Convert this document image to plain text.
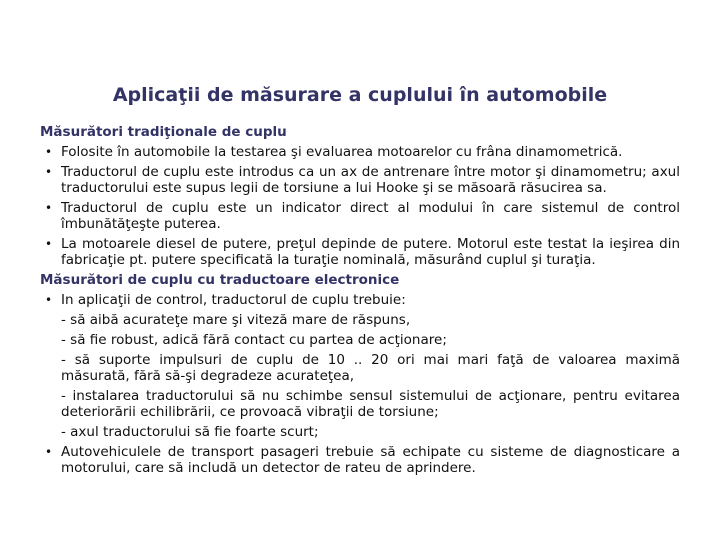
Aplicaţii de măsurare a cuplului în automobile
Măsurători tradiţionale de cuplu
• Folosite în automobile la testarea şi evaluarea motoarelor cu frâna dinamometrică.
• Traductorul de cuplu este introdus ca un ax de antrenare între motor şi dinamometru; axul traductorului este supus legii de torsiune a lui Hooke şi se măsoară răsucirea sa.
• Traductorul de cuplu este un indicator direct al modului în care sistemul de control îmbunătăţeşte puterea.
• La motoarele diesel de putere, preţul depinde de putere. Motorul este testat la ieşirea din fabricaţie pt. putere specificată la turaţie nominală, măsurând cuplul şi turaţia.
Măsurători de cuplu cu traductoare electronice
• In aplicaţii de control, traductorul de cuplu trebuie:
- să aibă acurateţe mare şi viteză mare de răspuns,
- să fie robust, adică fără contact cu partea de acţionare;
- să suporte impulsuri de cuplu de 10 .. 20 ori mai mari faţă de valoarea maximă măsurată, fără să-şi degradeze acurateţea,
- instalarea traductorului să nu schimbe sensul sistemului de acţionare, pentru evitarea deteriorării echilibrării, ce provoacă vibraţii de torsiune;
- axul traductorului să fie foarte scurt;
• Autovehiculele de transport pasageri trebuie să echipate cu sisteme de diagnosticare a motorului, care să includă un detector de rateu de aprindere.
